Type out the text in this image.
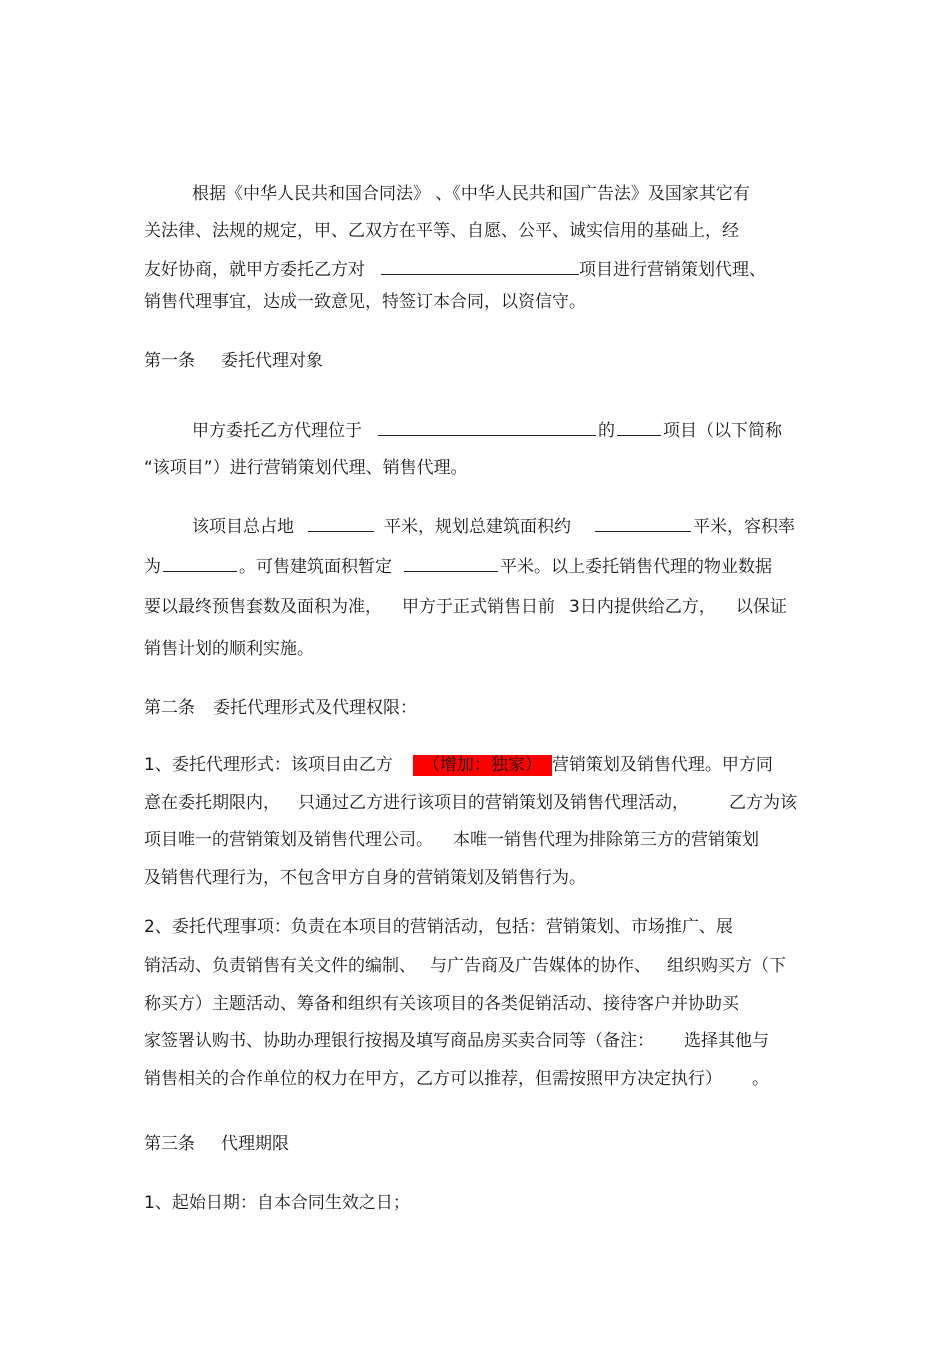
根据《中华人民共和国合同法》 、《中华人民共和国广告法》及国家其它有
关法律、法规的规定，甲、乙双方在平等、自愿、公平、诚实信用的基础上，经
友好协商，就甲方委托乙方对	项目进行营销策划代理、
销售代理事宜，达成一致意见，特签订本合同，以资信守。
第一条 委托代理对象
甲方委托乙方代理位于	的	项目（以下简称
“该项目”）进行营销策划代理、销售代理。
该项目总占地	平米，规划总建筑面积约	平米，容积率
为	。可售建筑面积暂定	平米。以上委托销售代理的物业数据
要以最终预售套数及面积为准， 甲方于正式销售日前 3日内提供给乙方， 以保证
销售计划的顺利实施。
第二条 委托代理形式及代理权限：
1、委托代理形式：该项目由乙方 （增加：独家） 营销策划及销售代理。甲方同
意在委托期限内， 只通过乙方进行该项目的营销策划及销售代理活动， 乙方为该
项目唯一的营销策划及销售代理公司。 本唯一销售代理为排除第三方的营销策划
及销售代理行为，不包含甲方自身的营销策划及销售行为。
2、委托代理事项：负责在本项目的营销活动，包括：营销策划、市场推广、展
销活动、负责销售有关文件的编制、 与广告商及广告媒体的协作、 组织购买方（下
称买方）主题活动、筹备和组织有关该项目的各类促销活动、接待客户并协助买
家签署认购书、协助办理银行按揭及填写商品房买卖合同等（备注： 选择其他与
销售相关的合作单位的权力在甲方，乙方可以推荐，但需按照甲方决定执行） 。
第三条 代理期限
1、起始日期：自本合同生效之日；
